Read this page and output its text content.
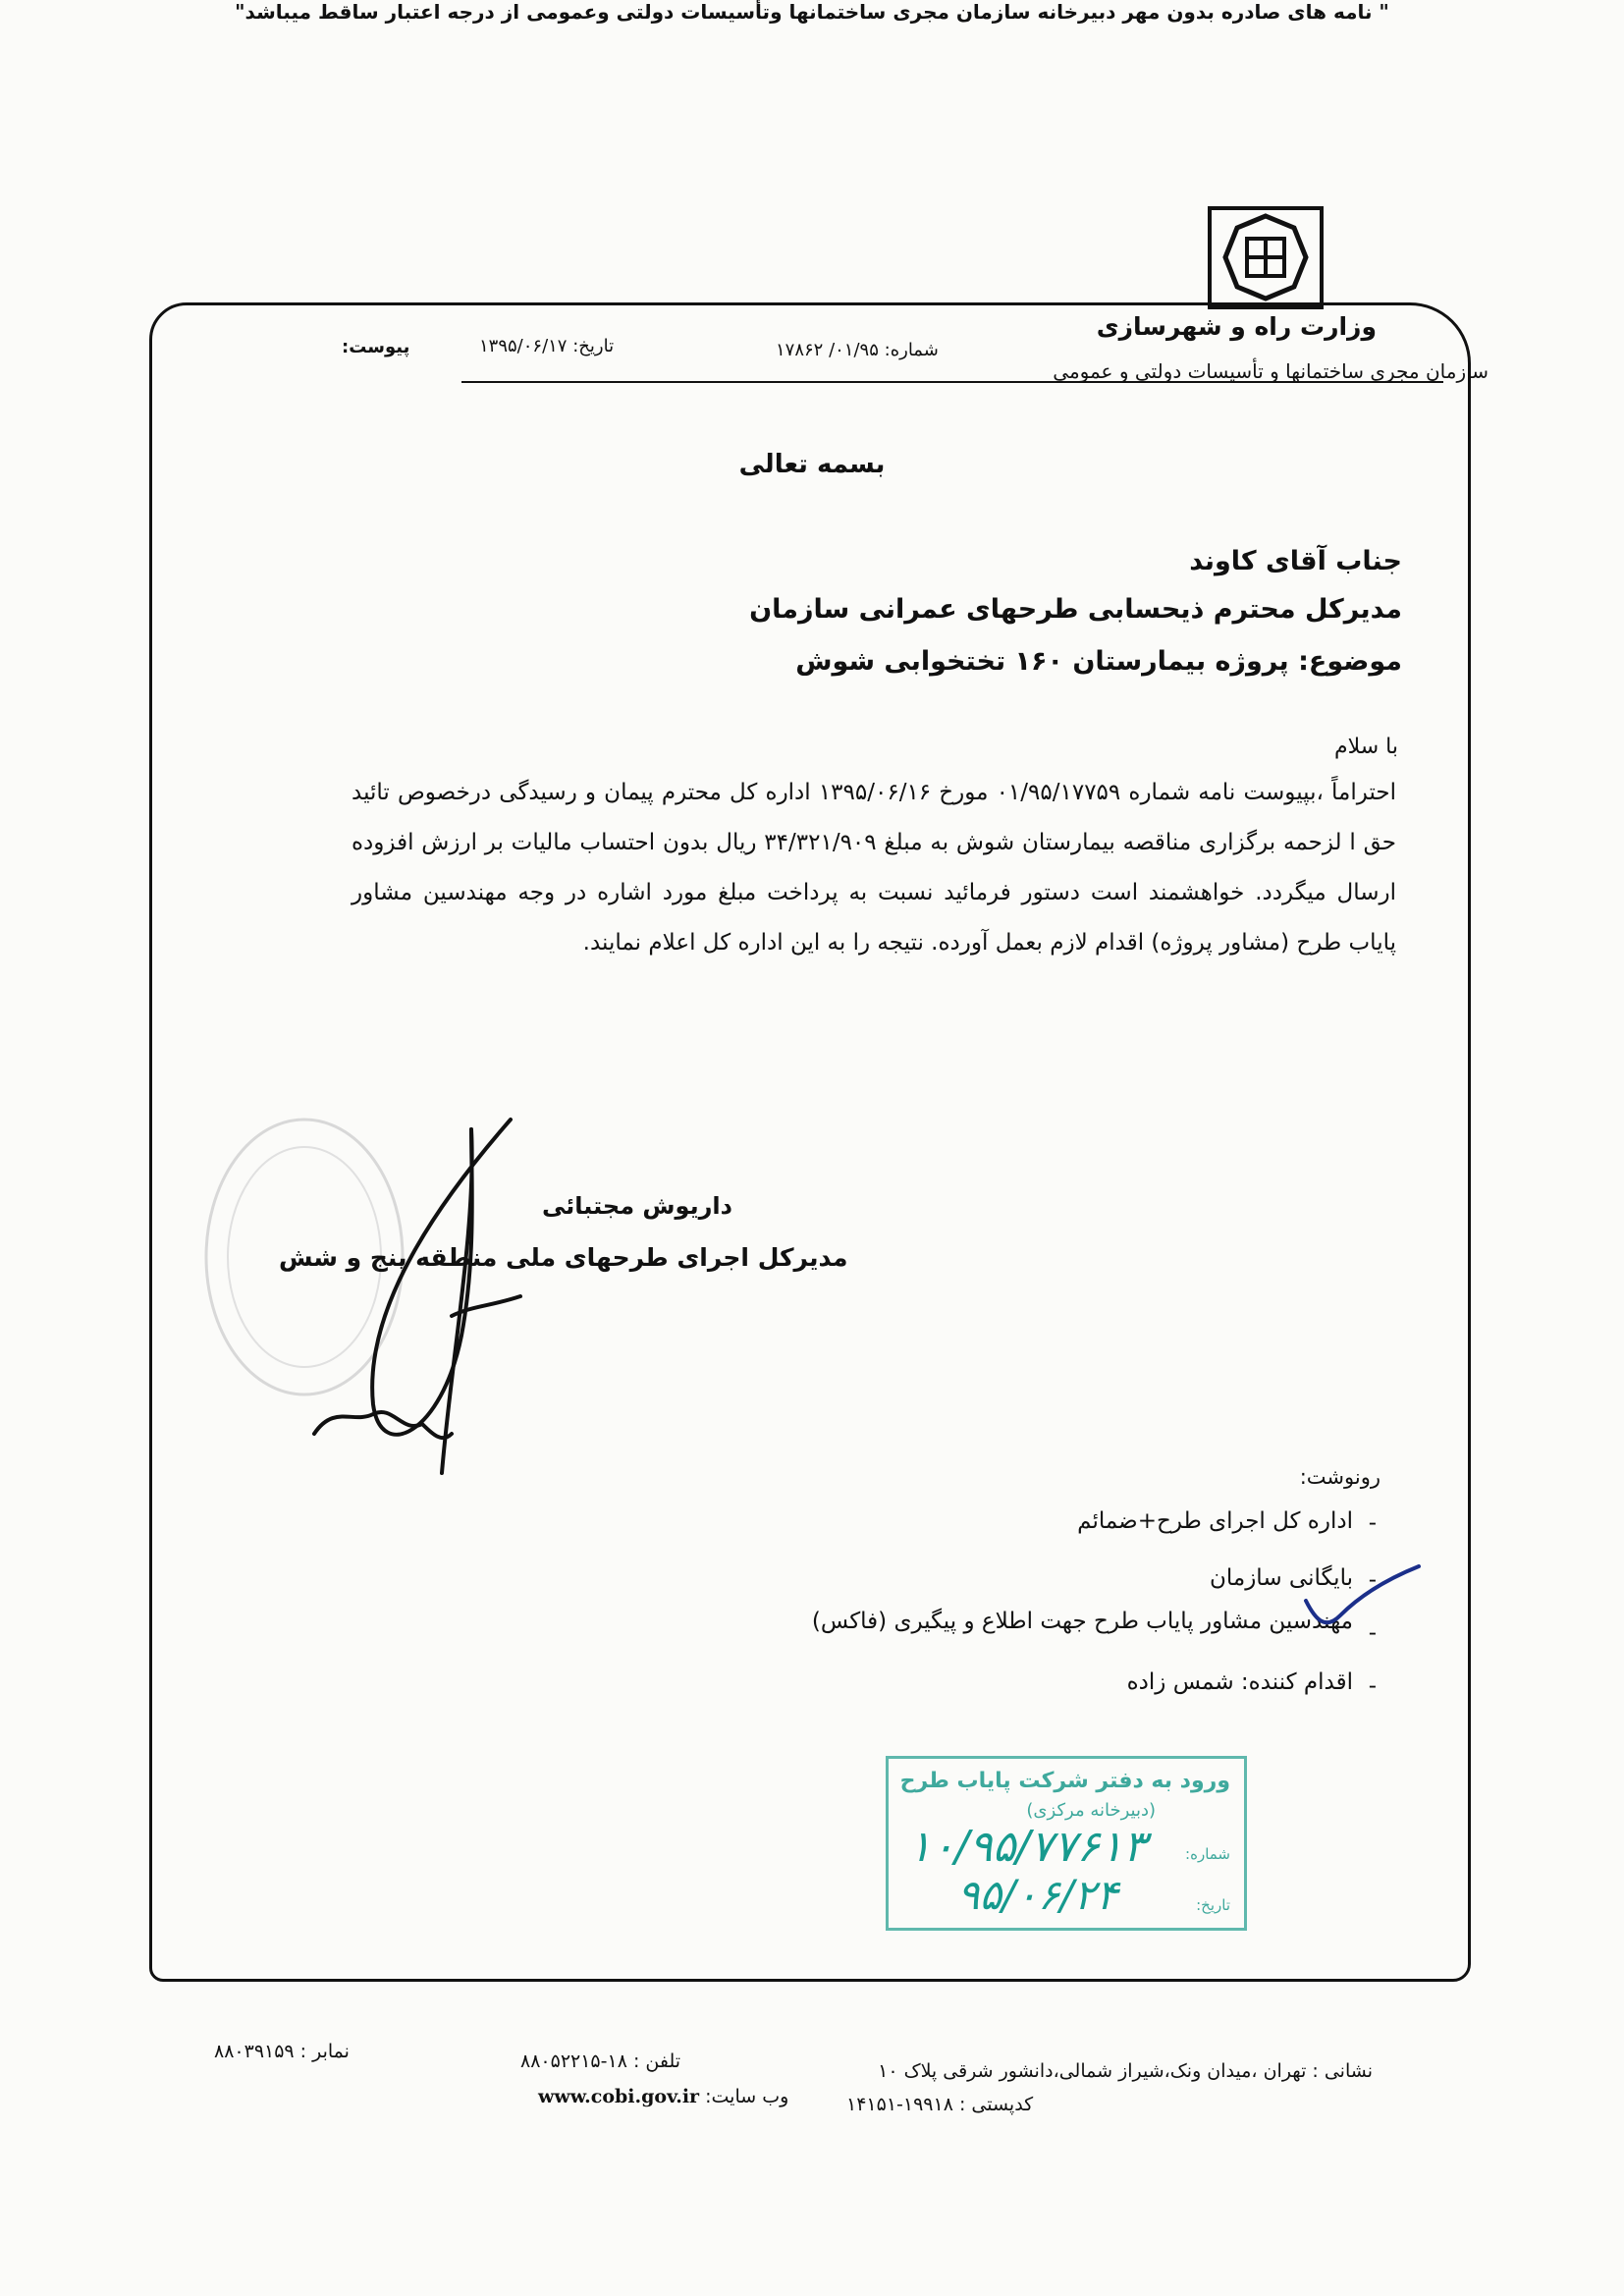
وزارت راه و شهرسازی
سازمان مجری ساختمانها و تأسیسات دولتی و عمومی
شماره: ۰۱/۹۵/ ۱۷۸۶۲
تاریخ: ۱۳۹۵/۰۶/۱۷
پیوست:
بسمه تعالی
جناب آقای کاوند
مدیرکل محترم ذیحسابی طرحهای عمرانی سازمان
موضوع: پروژه بیمارستان ۱۶۰ تختخوابی شوش
با سلام
احتراماً ،بپیوست نامه شماره ۰۱/۹۵/۱۷۷۵۹ مورخ ۱۳۹۵/۰۶/۱۶ اداره کل محترم پیمان و رسیدگی درخصوص تائید حق ا لزحمه برگزاری مناقصه بیمارستان شوش به مبلغ ۳۴/۳۲۱/۹۰۹ ریال بدون احتساب مالیات بر ارزش افزوده ارسال میگردد. خواهشمند است دستور فرمائید نسبت به پرداخت مبلغ مورد اشاره در وجه مهندسین مشاور پایاب طرح (مشاور پروژه) اقدام لازم بعمل آورده. نتیجه را به این اداره کل اعلام نمایند.
داریوش مجتبائی
مدیرکل اجرای طرحهای ملی منطقه پنج و شش
رونوشت:
-
اداره کل اجرای طرح+ضمائم
-
بایگانی سازمان
-
مهندسین مشاور پایاب طرح جهت اطلاع و پیگیری (فاکس)
-
اقدام کننده: شمس زاده
ورود به دفتر شرکت پایاب طرح
(دبیرخانه مرکزی)
شماره:
تاریخ:
۱۰/۹۵/۷۷۶۱۳
۹۵/۰۶/۲۴
نشانی : تهران ،میدان ونک،شیراز شمالی،دانشور شرقی پلاک ۱۰
کدپستی : ۱۹۹۱۸-۱۴۱۵۱
تلفن : ۱۸-۸۸۰۵۲۲۱۵
وب سایت: www.cobi.gov.ir
نمابر : ۸۸۰۳۹۱۵۹
" نامه های صادره بدون مهر دبیرخانه سازمان مجری ساختمانها وتأسیسات دولتی وعمومی از درجه اعتبار ساقط میباشد"
